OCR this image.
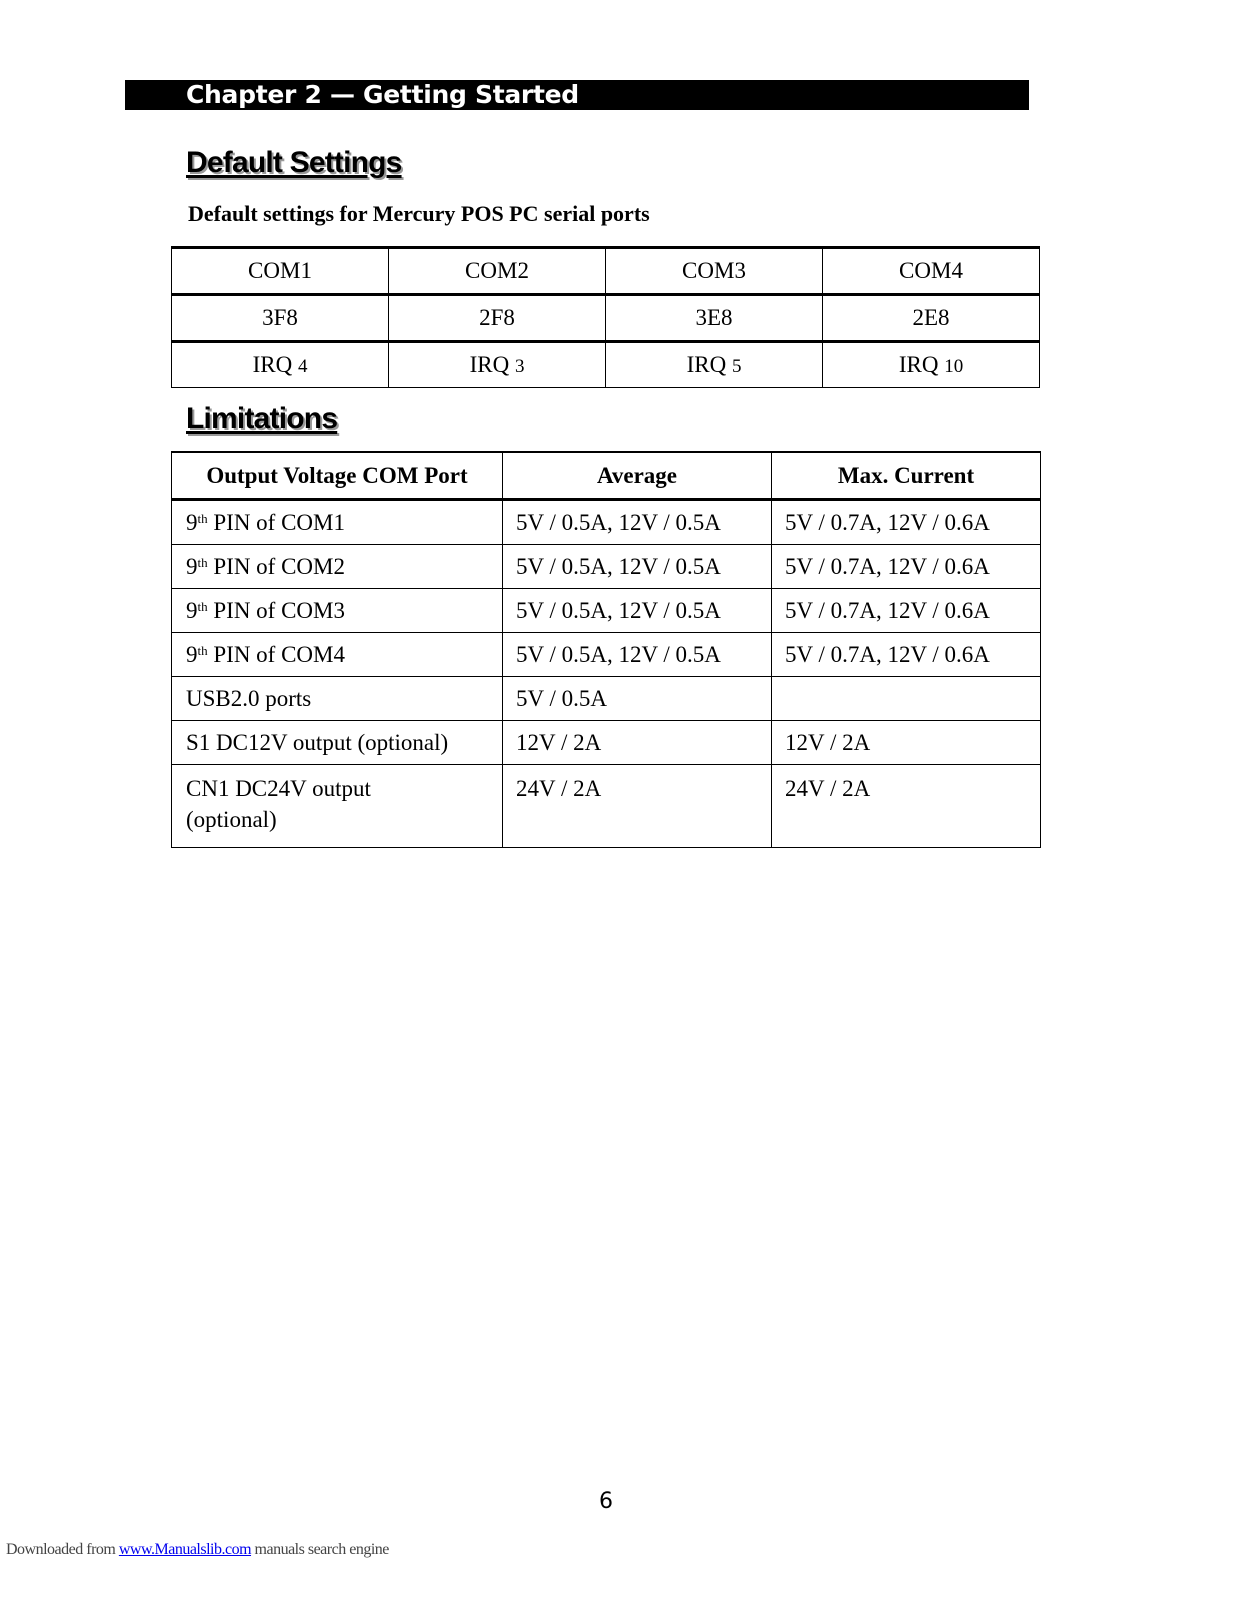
Chapter 2 — Getting Started
Default Settings

Default settings for Mercury POS PC serial ports

COM1	COM2	COM3	COM4
3F8	2F8	3E8	2E8
IRQ 4	IRQ 3	IRQ 5	IRQ 10
Limitations
Output Voltage COM Port	Average	Max. Current
9th PIN of COM1	5V / 0.5A, 12V / 0.5A	5V / 0.7A, 12V / 0.6A
9th PIN of COM2	5V / 0.5A, 12V / 0.5A	5V / 0.7A, 12V / 0.6A
9th PIN of COM3	5V / 0.5A, 12V / 0.5A	5V / 0.7A, 12V / 0.6A
9th PIN of COM4	5V / 0.5A, 12V / 0.5A	5V / 0.7A, 12V / 0.6A
USB2.0 ports	5V / 0.5A	
S1 DC12V output (optional)	12V / 2A	12V / 2A
CN1 DC24V output
(optional)	24V / 2A	24V / 2A
6
Downloaded from www.Manualslib.com manuals search engine
